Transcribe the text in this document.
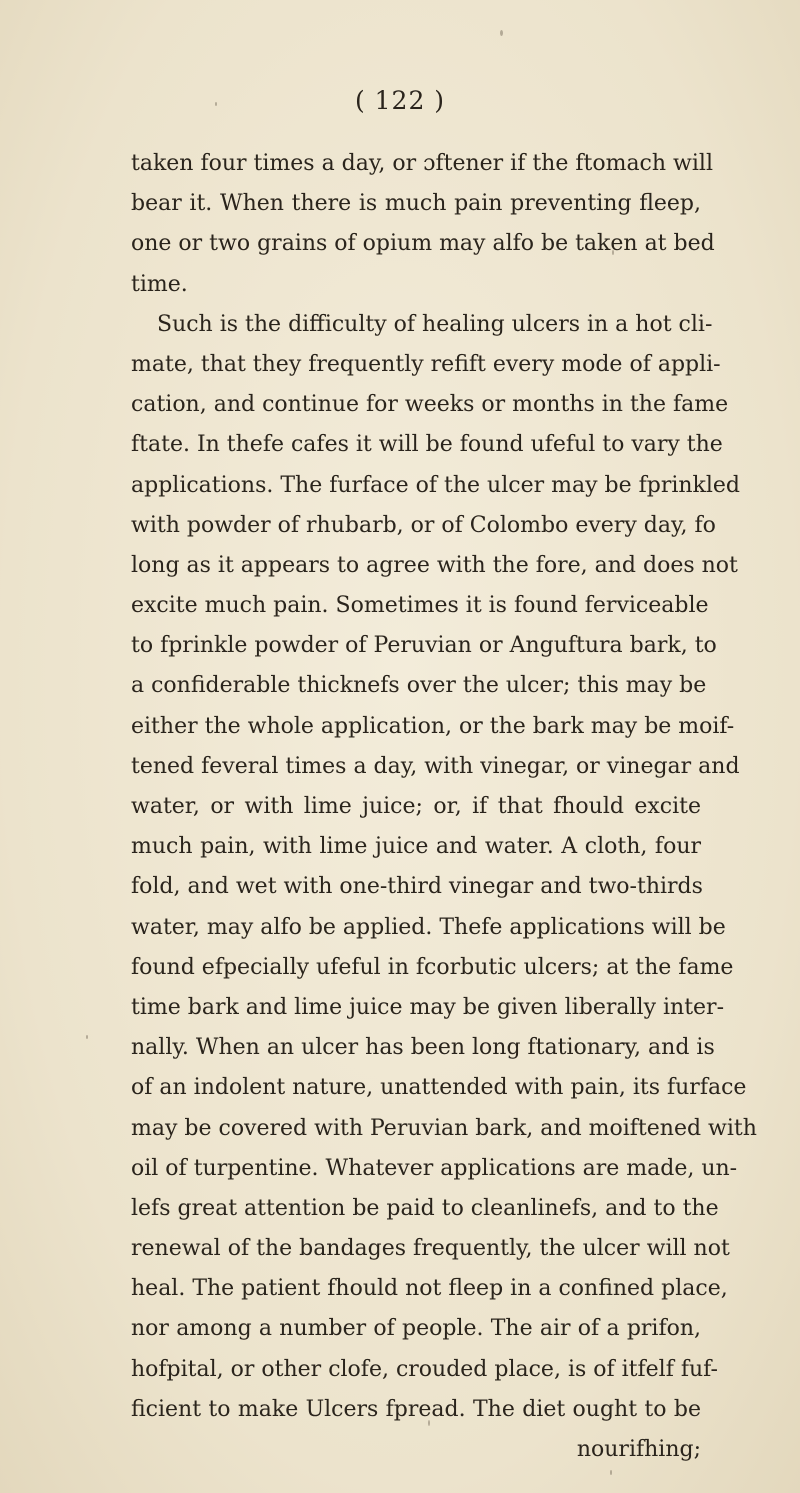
( 122 )
taken four times a day, or ɔftener if the ftomach will
bear it. When there is much pain preventing fleep,
one or two grains of opium may alfo be taken at bed
time.
Such is the difficulty of healing ulcers in a hot cli-
mate, that they frequently refift every mode of appli-
cation, and continue for weeks or months in the fame
ftate. In thefe cafes it will be found ufeful to vary the
applications. The furface of the ulcer may be fprinkled
with powder of rhubarb, or of Colombo every day, fo
long as it appears to agree with the fore, and does not
excite much pain. Sometimes it is found ferviceable
to fprinkle powder of Peruvian or Anguftura bark, to
a confiderable thicknefs over the ulcer; this may be
either the whole application, or the bark may be moif-
tened feveral times a day, with vinegar, or vinegar and
water, or with lime juice; or, if that fhould excite
much pain, with lime juice and water. A cloth, four
fold, and wet with one-third vinegar and two-thirds
water, may alfo be applied. Thefe applications will be
found efpecially ufeful in fcorbutic ulcers; at the fame
time bark and lime juice may be given liberally inter-
nally. When an ulcer has been long ftationary, and is
of an indolent nature, unattended with pain, its furface
may be covered with Peruvian bark, and moiftened with
oil of turpentine. Whatever applications are made, un-
lefs great attention be paid to cleanlinefs, and to the
renewal of the bandages frequently, the ulcer will not
heal. The patient fhould not fleep in a confined place,
nor among a number of people. The air of a prifon,
hofpital, or other clofe, crouded place, is of itfelf fuf-
ficient to make Ulcers fpread. The diet ought to be
nourifhing;
